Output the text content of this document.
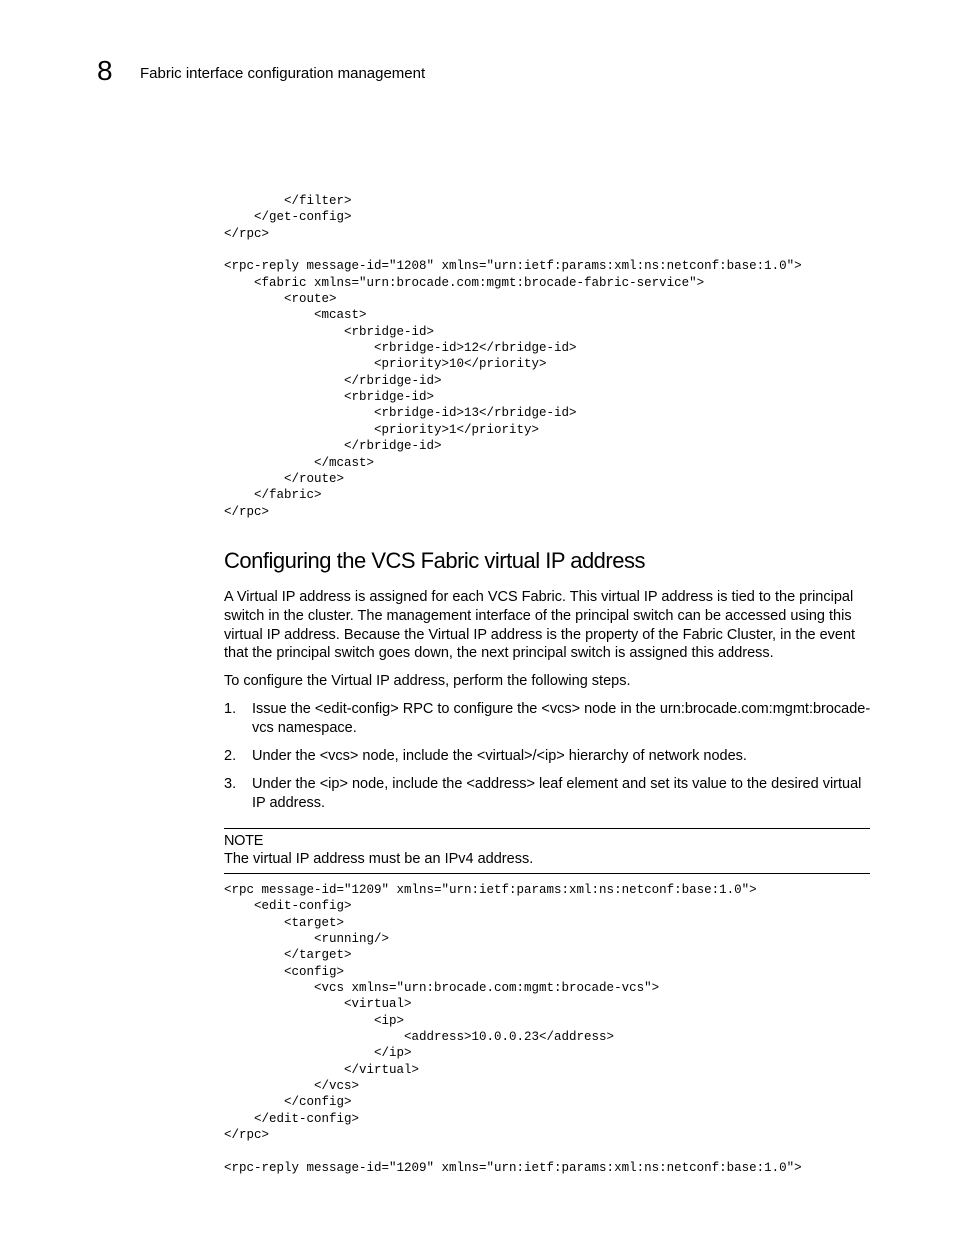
8 Fabric interface configuration management
</filter>
</get-config>
</rpc>

<rpc-reply message-id="1208" xmlns="urn:ietf:params:xml:ns:netconf:base:1.0">
<fabric xmlns="urn:brocade.com:mgmt:brocade-fabric-service">
<route>
<mcast>
<rbridge-id>
<rbridge-id>12</rbridge-id>
<priority>10</priority>
</rbridge-id>
<rbridge-id>
<rbridge-id>13</rbridge-id>
<priority>1</priority>
</rbridge-id>
</mcast>
</route>
</fabric>
</rpc>
Configuring the VCS Fabric virtual IP address

A Virtual IP address is assigned for each VCS Fabric. This virtual IP address is tied to the principal switch in the cluster. The management interface of the principal switch can be accessed using this virtual IP address. Because the Virtual IP address is the property of the Fabric Cluster, in the event that the principal switch goes down, the next principal switch is assigned this address.

To configure the Virtual IP address, perform the following steps.

1. Issue the <edit-config> RPC to configure the <vcs> node in the urn:brocade.com:mgmt:brocade-vcs namespace.
2. Under the <vcs> node, include the <virtual>/<ip> hierarchy of network nodes.
3. Under the <ip> node, include the <address> leaf element and set its value to the desired virtual IP address.
NOTE
The virtual IP address must be an IPv4 address.
<rpc message-id="1209" xmlns="urn:ietf:params:xml:ns:netconf:base:1.0">
<edit-config>
<target>
<running/>
</target>
<config>
<vcs xmlns="urn:brocade.com:mgmt:brocade-vcs">
<virtual>
<ip>
<address>10.0.0.23</address>
</ip>
</virtual>
</vcs>
</config>
</edit-config>
</rpc>

<rpc-reply message-id="1209" xmlns="urn:ietf:params:xml:ns:netconf:base:1.0">
